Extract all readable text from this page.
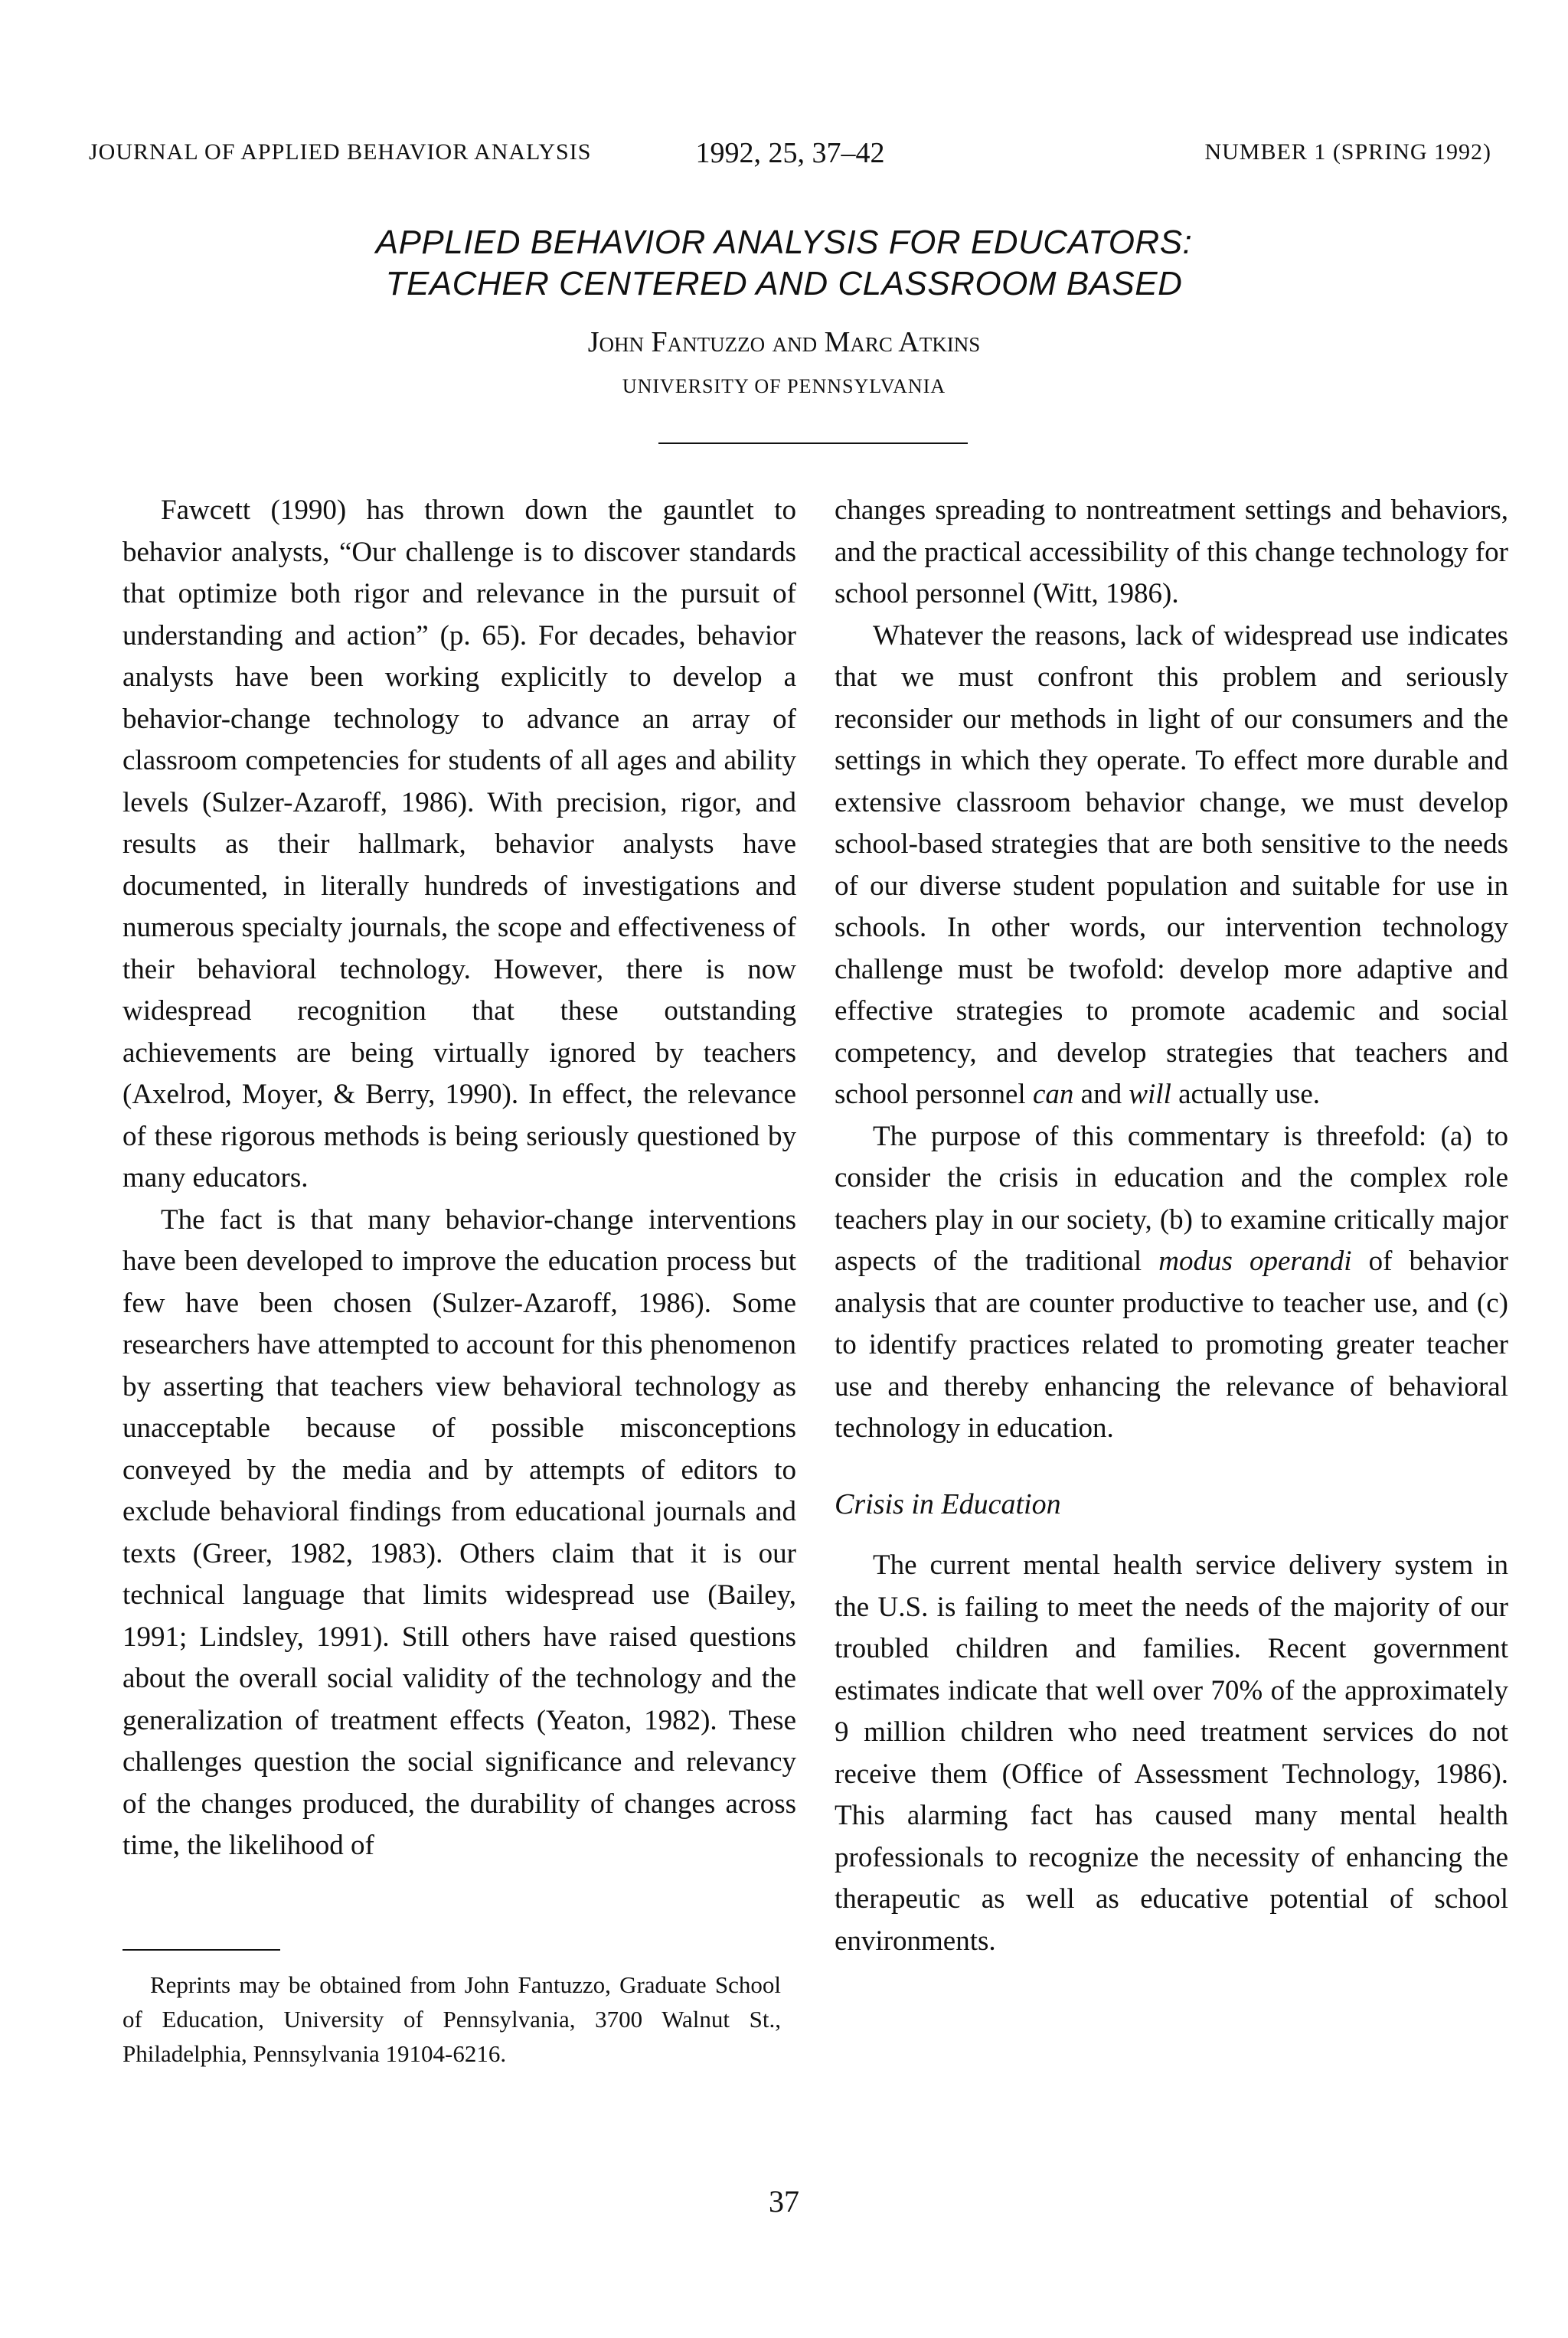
JOURNAL OF APPLIED BEHAVIOR ANALYSIS	1992, 25, 37–42	NUMBER 1 (SPRING 1992)
APPLIED BEHAVIOR ANALYSIS FOR EDUCATORS:
TEACHER CENTERED AND CLASSROOM BASED
John Fantuzzo and Marc Atkins
UNIVERSITY OF PENNSYLVANIA

Fawcett (1990) has thrown down the gauntlet to behavior analysts, “Our challenge is to discover standards that optimize both rigor and relevance in the pursuit of understanding and action” (p. 65). For decades, behavior analysts have been working explicitly to develop a behavior-change technology to advance an array of classroom competencies for students of all ages and ability levels (Sulzer-Azaroff, 1986). With precision, rigor, and results as their hallmark, behavior analysts have documented, in literally hundreds of investigations and numerous specialty journals, the scope and effectiveness of their behavioral technology. However, there is now widespread recognition that these outstanding achievements are being virtually ignored by teachers (Axelrod, Moyer, & Berry, 1990). In effect, the relevance of these rigorous methods is being seriously questioned by many educators.

The fact is that many behavior-change interventions have been developed to improve the education process but few have been chosen (Sulzer-Azaroff, 1986). Some researchers have attempted to account for this phenomenon by asserting that teachers view behavioral technology as unacceptable because of possible misconceptions conveyed by the media and by attempts of editors to exclude behavioral findings from educational journals and texts (Greer, 1982, 1983). Others claim that it is our technical language that limits widespread use (Bailey, 1991; Lindsley, 1991). Still others have raised questions about the overall social validity of the technology and the generalization of treatment effects (Yeaton, 1982). These challenges question the social significance and relevancy of the changes produced, the durability of changes across time, the likelihood of

changes spreading to nontreatment settings and behaviors, and the practical accessibility of this change technology for school personnel (Witt, 1986).

Whatever the reasons, lack of widespread use indicates that we must confront this problem and seriously reconsider our methods in light of our consumers and the settings in which they operate. To effect more durable and extensive classroom behavior change, we must develop school-based strategies that are both sensitive to the needs of our diverse student population and suitable for use in schools. In other words, our intervention technology challenge must be twofold: develop more adaptive and effective strategies to promote academic and social competency, and develop strategies that teachers and school personnel can and will actually use.

The purpose of this commentary is threefold: (a) to consider the crisis in education and the complex role teachers play in our society, (b) to examine critically major aspects of the traditional modus operandi of behavior analysis that are counter productive to teacher use, and (c) to identify practices related to promoting greater teacher use and thereby enhancing the relevance of behavioral technology in education.

Crisis in Education

The current mental health service delivery system in the U.S. is failing to meet the needs of the majority of our troubled children and families. Recent government estimates indicate that well over 70% of the approximately 9 million children who need treatment services do not receive them (Office of Assessment Technology, 1986). This alarming fact has caused many mental health professionals to recognize the necessity of enhancing the therapeutic as well as educative potential of school environments.

Reprints may be obtained from John Fantuzzo, Graduate School of Education, University of Pennsylvania, 3700 Walnut St., Philadelphia, Pennsylvania 19104-6216.
37
